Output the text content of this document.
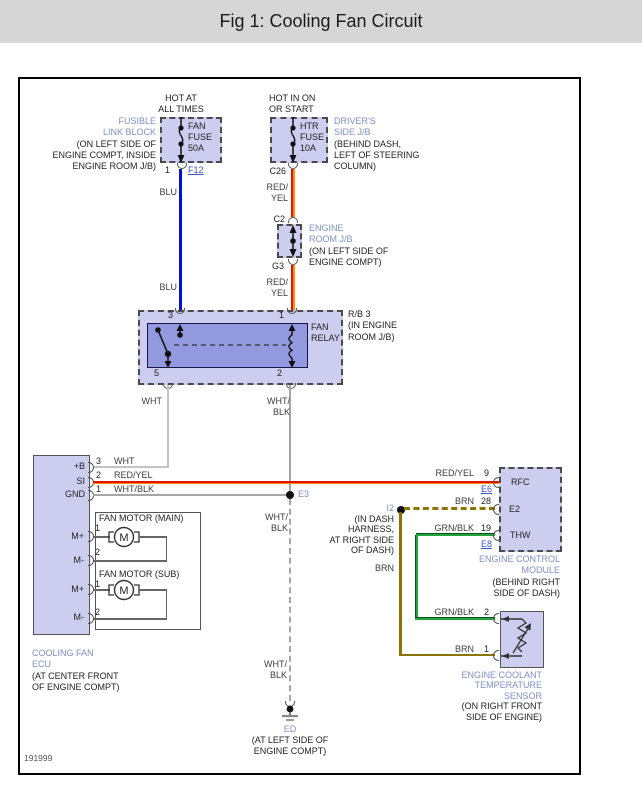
Fig 1: Cooling Fan Circuit
191999
HOT AT
ALL TIMES
FAN
FUSE
50A
FUSIBLE
LINK BLOCK
(ON LEFT SIDE OF
ENGINE COMPT, INSIDE
ENGINE ROOM J/B) 1 F12
BLU
BLU
HOT IN ON
OR START
HTR
FUSE
10A
DRIVER'S
SIDE J/B
(BEHIND DASH,
LEFT OF STEERING
COLUMN)
C26
RED/
YEL
C2
ENGINE
ROOM J/B
(ON LEFT SIDE OF
ENGINE COMPT)
G3
RED/
YEL
3	1
5	2
FAN
RELAY
R/B 3
(IN ENGINE
ROOM J/B)
WHT	WHT/
BLK
+B
SI
GND
3 WHT
2 RED/YEL
1 WHT/BLK	E3
WHT/
BLK
FAN MOTOR (MAIN)
M+
1
M
2
M-
FAN MOTOR (SUB)
M+ 1
M
2
M-
COOLING FAN
ECU
(AT CENTER FRONT
OF ENGINE COMPT)
I2
(IN DASH
HARNESS,
AT RIGHT SIDE
OF DASH)
BRN
RED/YEL 9
E6
RFC
BRN 28
E2
GRN/BLK 19
E8
THW
ENGINE CONTROL
MODULE
(BEHIND RIGHT
SIDE OF DASH)
GRN/BLK 2
BRN 1
ENGINE COOLANT
TEMPERATURE
SENSOR
(ON RIGHT FRONT
SIDE OF ENGINE)
WHT/
BLK
ED
(AT LEFT SIDE OF
ENGINE COMPT)
